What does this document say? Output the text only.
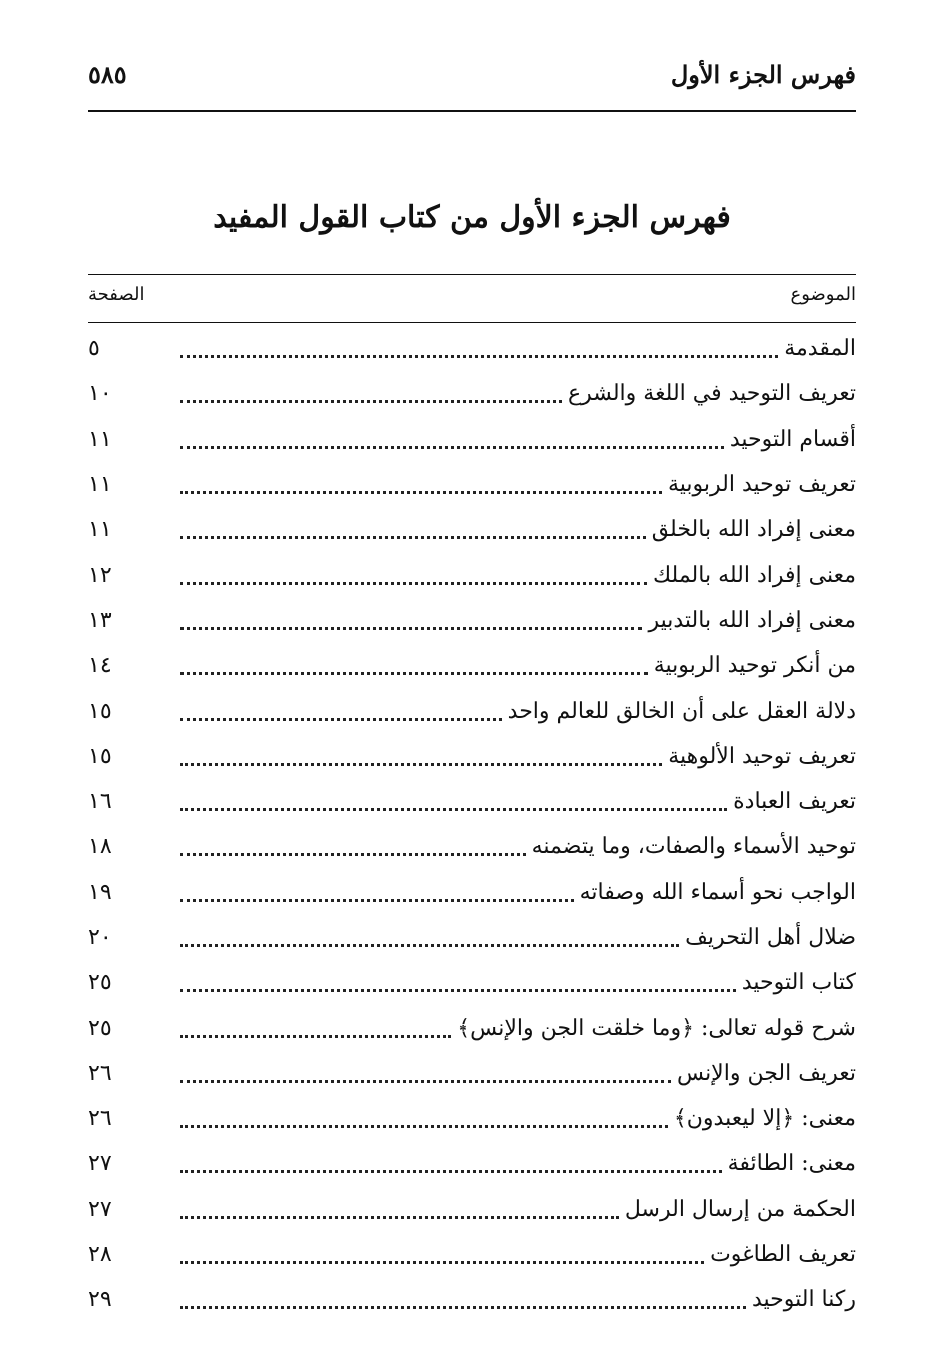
فهرس الجزء الأول
٥٨٥
فهرس الجزء الأول من كتاب القول المفيد
الموضوع
الصفحة
المقدمة
٥
تعريف التوحيد في اللغة والشرع
١٠
أقسام التوحيد
١١
تعريف توحيد الربوبية
١١
معنى إفراد الله بالخلق
١١
معنى إفراد الله بالملك
١٢
معنى إفراد الله بالتدبير
١٣
من أنكر توحيد الربوبية
١٤
دلالة العقل على أن الخالق للعالم واحد
١٥
تعريف توحيد الألوهية
١٥
تعريف العبادة
١٦
توحيد الأسماء والصفات، وما يتضمنه
١٨
الواجب نحو أسماء الله وصفاته
١٩
ضلال أهل التحريف
٢٠
كتاب التوحيد
٢٥
شرح قوله تعالى: ﴿وما خلقت الجن والإنس﴾
٢٥
تعريف الجن والإنس
٢٦
معنى: ﴿إلا ليعبدون﴾
٢٦
معنى: الطائفة
٢٧
الحكمة من إرسال الرسل
٢٧
تعريف الطاغوت
٢٨
ركنا التوحيد
٢٩
